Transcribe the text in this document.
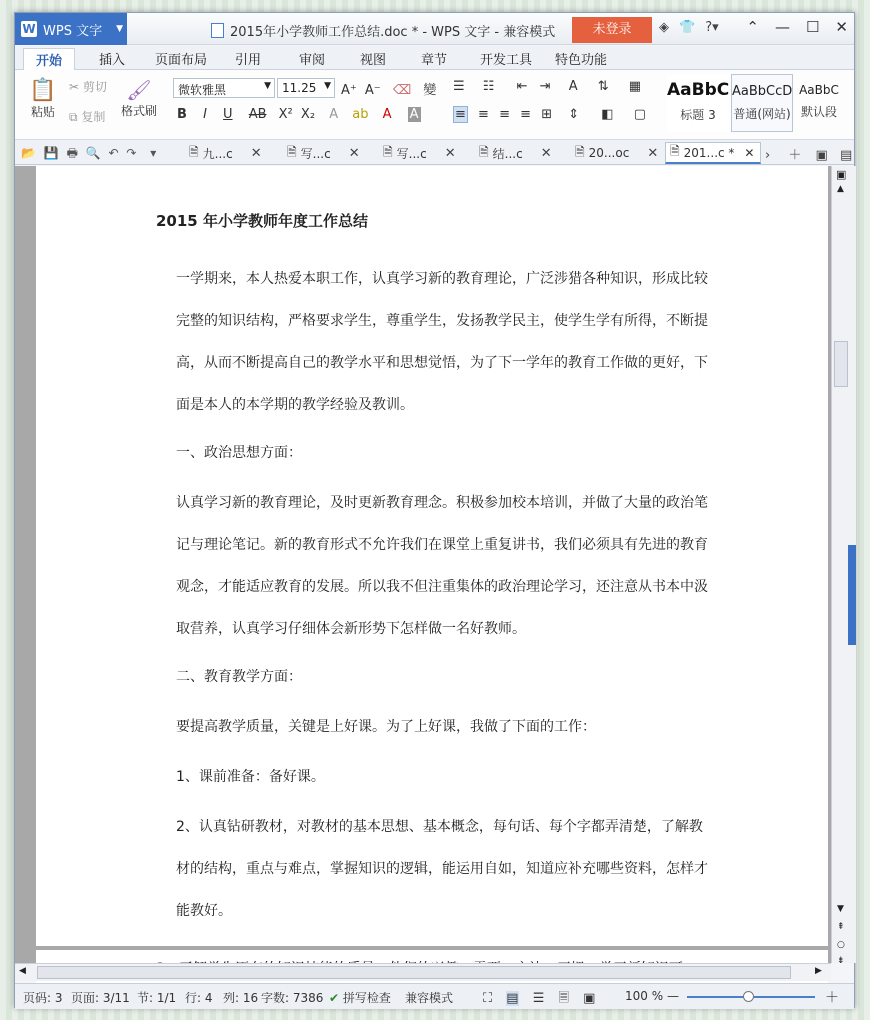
W WPS 文字 ▼	2015年小学教师工作总结.doc * - WPS 文字 - 兼容模式	未登录	◈ 👕 ?▾ ⌃ — ☐ ✕
开始	插入 页面布局 引用	审阅	视图	章节	开发工具 特色功能
📋
粘贴
✂ 剪切
⧉ 复制
🖌
格式刷
微软雅黑	▼ 11.25 ▼ A⁺ A⁻ ⌫ 變
B I U AB X² X₂ A ab A A
☰ ☷ ⇤ ⇥ A ⇅ ▦
≡ ≡ ≡ ≡ ⊞ ⇕ ◧ ▢
AaBbC
标题 3
AaBbCcD
普通(网站)
AaBbC
默认段
📂 💾 🖶 🔍 ↶ ↷ ▾	🗎 九...c ✕ 🗎 写...c ✕ 🗎 写...c ✕ 🗎 结...c ✕ 🗎 20...oc ✕ 🗎 201...c * ✕ › ＋ ▣ ▤
2015 年小学教师年度工作总结
一学期来，本人热爱本职工作，认真学习新的教育理论，广泛涉猎各种知识，形成比较
完整的知识结构，严格要求学生，尊重学生，发扬教学民主，使学生学有所得，不断提
高，从而不断提高自己的教学水平和思想觉悟，为了下一学年的教育工作做的更好，下
面是本人的本学期的教学经验及教训。
一、政治思想方面：
认真学习新的教育理论，及时更新教育理念。积极参加校本培训，并做了大量的政治笔
记与理论笔记。新的教育形式不允许我们在课堂上重复讲书，我们必须具有先进的教育
观念，才能适应教育的发展。所以我不但注重集体的政治理论学习，还注意从书本中汲
取营养，认真学习仔细体会新形势下怎样做一名好教师。
二、教育教学方面：
要提高教学质量，关键是上好课。为了上好课，我做了下面的工作：
1、课前准备：备好课。
2、认真钻研教材，对教材的基本思想、基本概念，每句话、每个字都弄清楚，了解教
材的结构，重点与难点，掌握知识的逻辑，能运用自如，知道应补充哪些资料，怎样才
能教好。
▣
▲
▼
⇞
○
⇟
◀	▶
页码: 3 页面: 3/11 节: 1/1 行: 4 列: 16 字数: 7386 ✔ 拼写检查 兼容模式 ⛶ ▤ ☰ 🗏 ▣ 100 % —	＋
